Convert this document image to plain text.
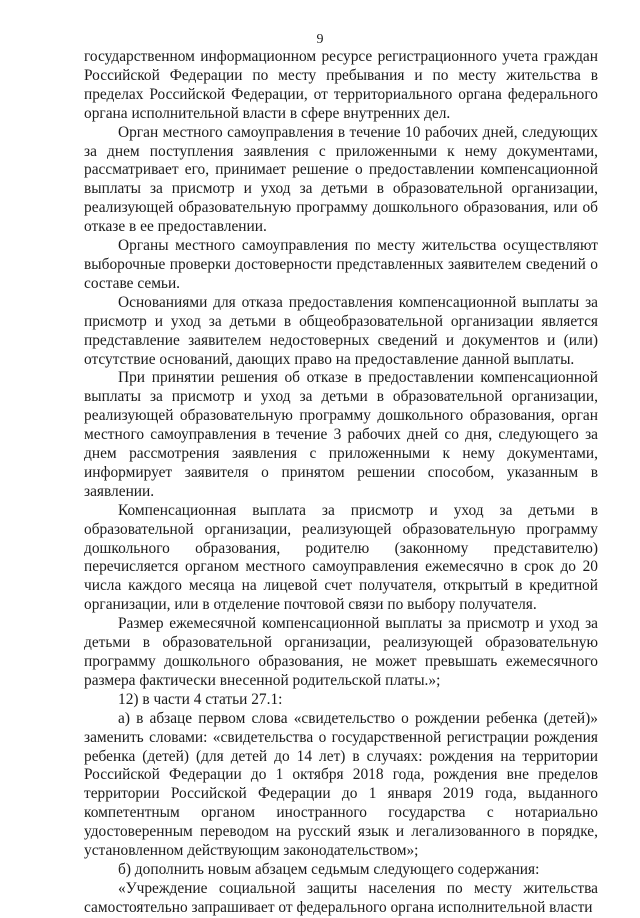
9

государственном информационном ресурсе регистрационного учета граждан Российской Федерации по месту пребывания и по месту жительства в пределах Российской Федерации, от территориального органа федерального органа исполнительной власти в сфере внутренних дел.

Орган местного самоуправления в течение 10 рабочих дней, следующих за днем поступления заявления с приложенными к нему документами, рассматривает его, принимает решение о предоставлении компенсационной выплаты за присмотр и уход за детьми в образовательной организации, реализующей образовательную программу дошкольного образования, или об отказе в ее предоставлении.

Органы местного самоуправления по месту жительства осуществляют выборочные проверки достоверности представленных заявителем сведений о составе семьи.

Основаниями для отказа предоставления компенсационной выплаты за присмотр и уход за детьми в общеобразовательной организации является представление заявителем недостоверных сведений и документов и (или) отсутствие оснований, дающих право на предоставление данной выплаты.

При принятии решения об отказе в предоставлении компенсационной выплаты за присмотр и уход за детьми в образовательной организации, реализующей образовательную программу дошкольного образования, орган местного самоуправления в течение 3 рабочих дней со дня, следующего за днем рассмотрения заявления с приложенными к нему документами, информирует заявителя о принятом решении способом, указанным в заявлении.

Компенсационная выплата за присмотр и уход за детьми в образовательной организации, реализующей образовательную программу дошкольного образования, родителю (законному представителю) перечисляется органом местного самоуправления ежемесячно в срок до 20 числа каждого месяца на лицевой счет получателя, открытый в кредитной организации, или в отделение почтовой связи по выбору получателя.

Размер ежемесячной компенсационной выплаты за присмотр и уход за детьми в образовательной организации, реализующей образовательную программу дошкольного образования, не может превышать ежемесячного размера фактически внесенной родительской платы.»;

12) в части 4 статьи 27.1:

а) в абзаце первом слова «свидетельство о рождении ребенка (детей)» заменить словами: «свидетельства о государственной регистрации рождения ребенка (детей) (для детей до 14 лет) в случаях: рождения на территории Российской Федерации до 1 октября 2018 года, рождения вне пределов территории Российской Федерации до 1 января 2019 года, выданного компетентным органом иностранного государства с нотариально удостоверенным переводом на русский язык и легализованного в порядке, установленном действующим законодательством»;

б) дополнить новым абзацем седьмым следующего содержания:

«Учреждение социальной защиты населения по месту жительства самостоятельно запрашивает от федерального органа исполнительной власти
